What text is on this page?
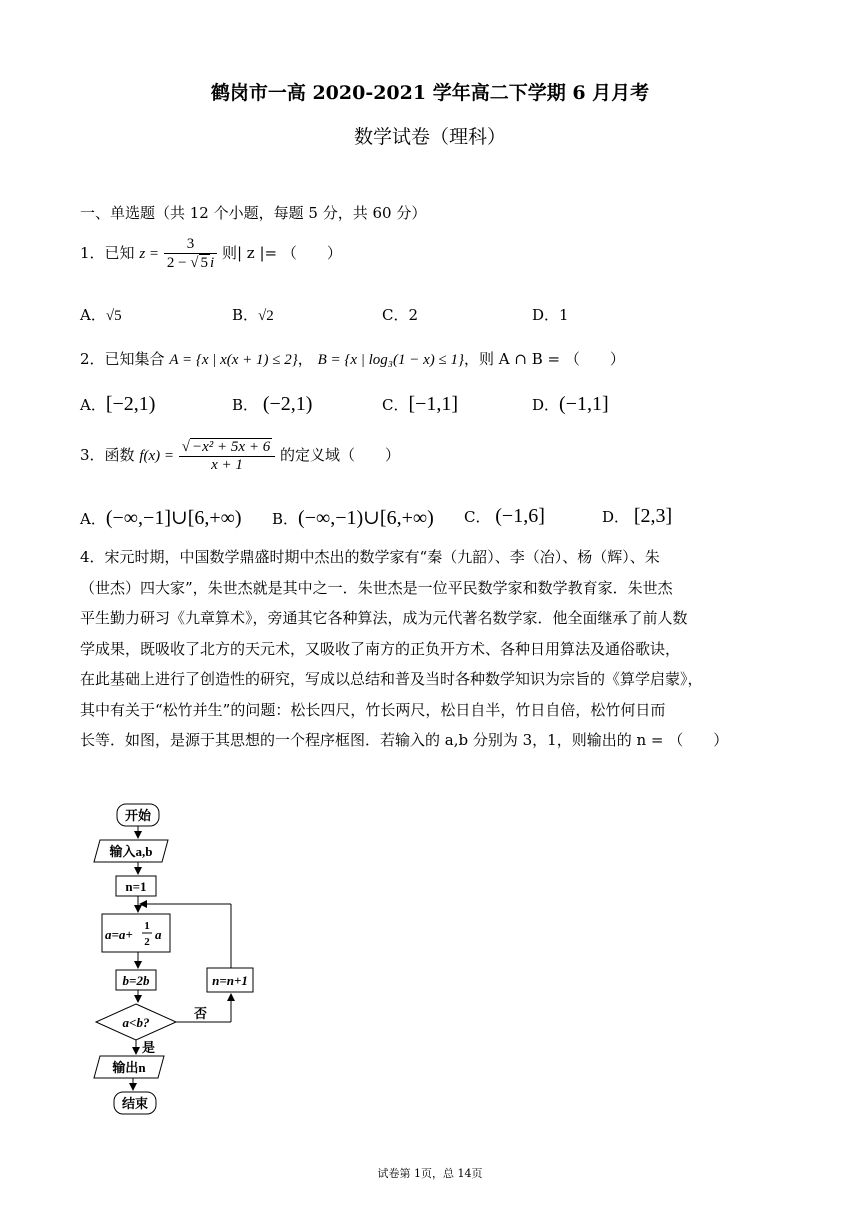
鹤岗市一高 2020-2021 学年高二下学期 6 月月考
数学试卷（理科）
一、单选题（共 12 个小题，每题 5 分，共 60 分）
1．已知 $z = \frac{3}{2 - √ 5 i}$ 则| z |= （　　）
A．√5	B．√2	C．2	D．1
2．已知集合 A = {x | x(x + 1) ≤ 2}， B = {x | log₃(1 − x) ≤ 1}，则 A ∩ B = （　　）
A．[−2,1)	B． (−2,1)	C．[−1,1]	D．(−1,1]
3．函数 $f(x) = \frac{\text{√ −x² + 5x + 6}}{x + 1}$ 的定义域（　　）
A．(−∞,−1]∪[6,+∞) B．(−∞,−1)∪[6,+∞) C． (−1,6]	D． [2,3]

4．宋元时期，中国数学鼎盛时期中杰出的数学家有“秦（九韶）、李（冶）、杨（辉）、朱

（世杰）四大家”，朱世杰就是其中之一．朱世杰是一位平民数学家和数学教育家．朱世杰

平生勤力研习《九章算术》，旁通其它各种算法，成为元代著名数学家．他全面继承了前人数

学成果，既吸收了北方的天元术，又吸收了南方的正负开方术、各种日用算法及通俗歌诀，

在此基础上进行了创造性的研究，写成以总结和普及当时各种数学知识为宗旨的《算学启蒙》，

其中有关于“松竹并生”的问题：松长四尺，竹长两尺，松日自半，竹日自倍，松竹何日而

长等．如图，是源于其思想的一个程序框图．若输入的 a,b 分别为 3，1，则输出的 n = （　　）

开始
输入a,b
n=1
a=a+
1
2 a
b=2b
a<b?
否
n=n+1
是
输出n
结束
试卷第 1页，总 14页
